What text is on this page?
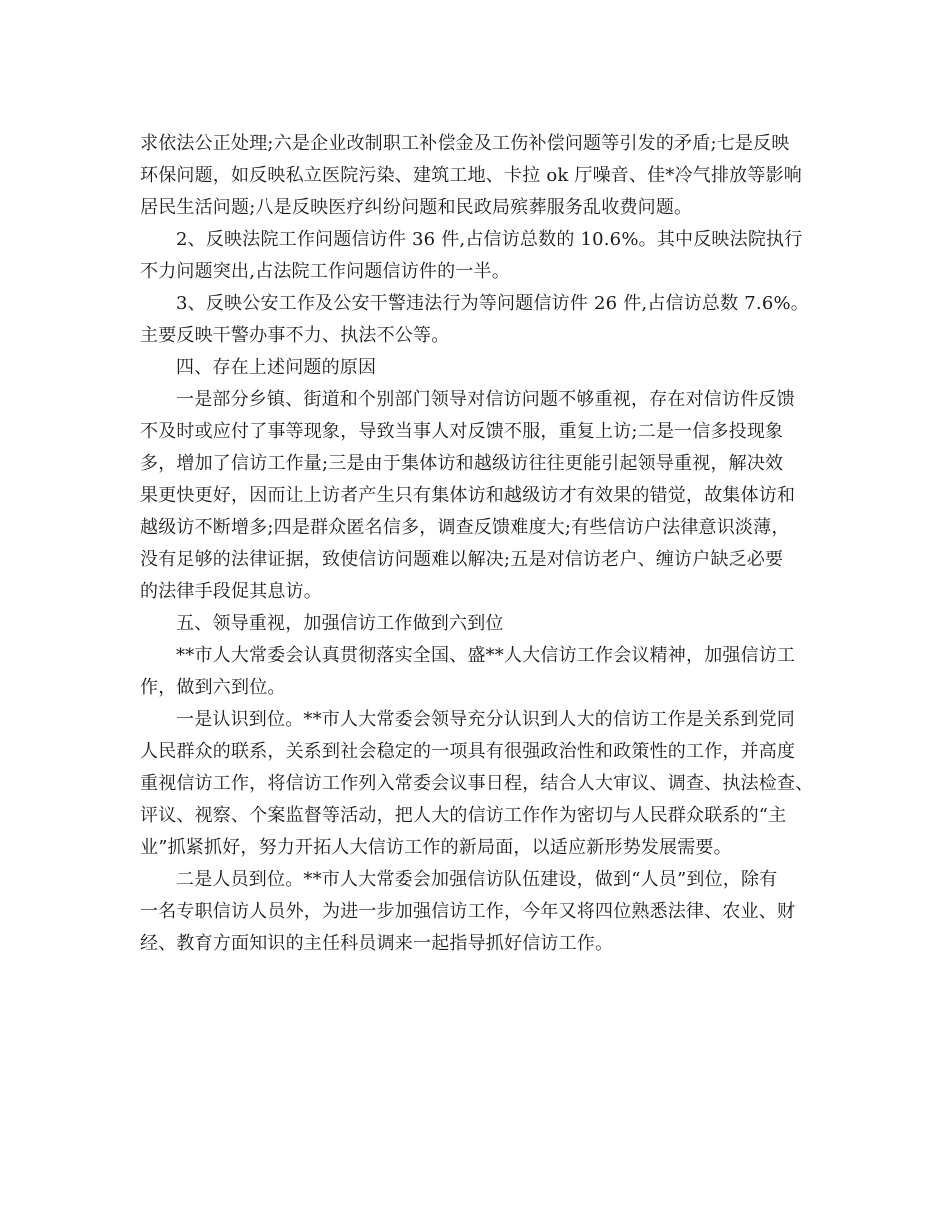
求依法公正处理;六是企业改制职工补偿金及工伤补偿问题等引发的矛盾;七是反映
环保问题，如反映私立医院污染、建筑工地、卡拉 ok 厅噪音、佳*冷气排放等影响
居民生活问题;八是反映医疗纠纷问题和民政局殡葬服务乱收费问题。
2、反映法院工作问题信访件 36 件,占信访总数的 10.6%。其中反映法院执行
不力问题突出,占法院工作问题信访件的一半。
3、反映公安工作及公安干警违法行为等问题信访件 26 件,占信访总数 7.6%。
主要反映干警办事不力、执法不公等。
四、存在上述问题的原因
一是部分乡镇、街道和个别部门领导对信访问题不够重视，存在对信访件反馈
不及时或应付了事等现象，导致当事人对反馈不服，重复上访;二是一信多投现象
多，增加了信访工作量;三是由于集体访和越级访往往更能引起领导重视，解决效
果更快更好，因而让上访者产生只有集体访和越级访才有效果的错觉，故集体访和
越级访不断增多;四是群众匿名信多，调查反馈难度大;有些信访户法律意识淡薄，
没有足够的法律证据，致使信访问题难以解决;五是对信访老户、缠访户缺乏必要
的法律手段促其息访。
五、领导重视，加强信访工作做到六到位
**市人大常委会认真贯彻落实全国、盛**人大信访工作会议精神，加强信访工
作，做到六到位。
一是认识到位。**市人大常委会领导充分认识到人大的信访工作是关系到党同
人民群众的联系，关系到社会稳定的一项具有很强政治性和政策性的工作，并高度
重视信访工作，将信访工作列入常委会议事日程，结合人大审议、调查、执法检查、
评议、视察、个案监督等活动，把人大的信访工作作为密切与人民群众联系的“主
业”抓紧抓好，努力开拓人大信访工作的新局面，以适应新形势发展需要。
二是人员到位。**市人大常委会加强信访队伍建设，做到“人员”到位，除有
一名专职信访人员外，为进一步加强信访工作，今年又将四位熟悉法律、农业、财
经、教育方面知识的主任科员调来一起指导抓好信访工作。
